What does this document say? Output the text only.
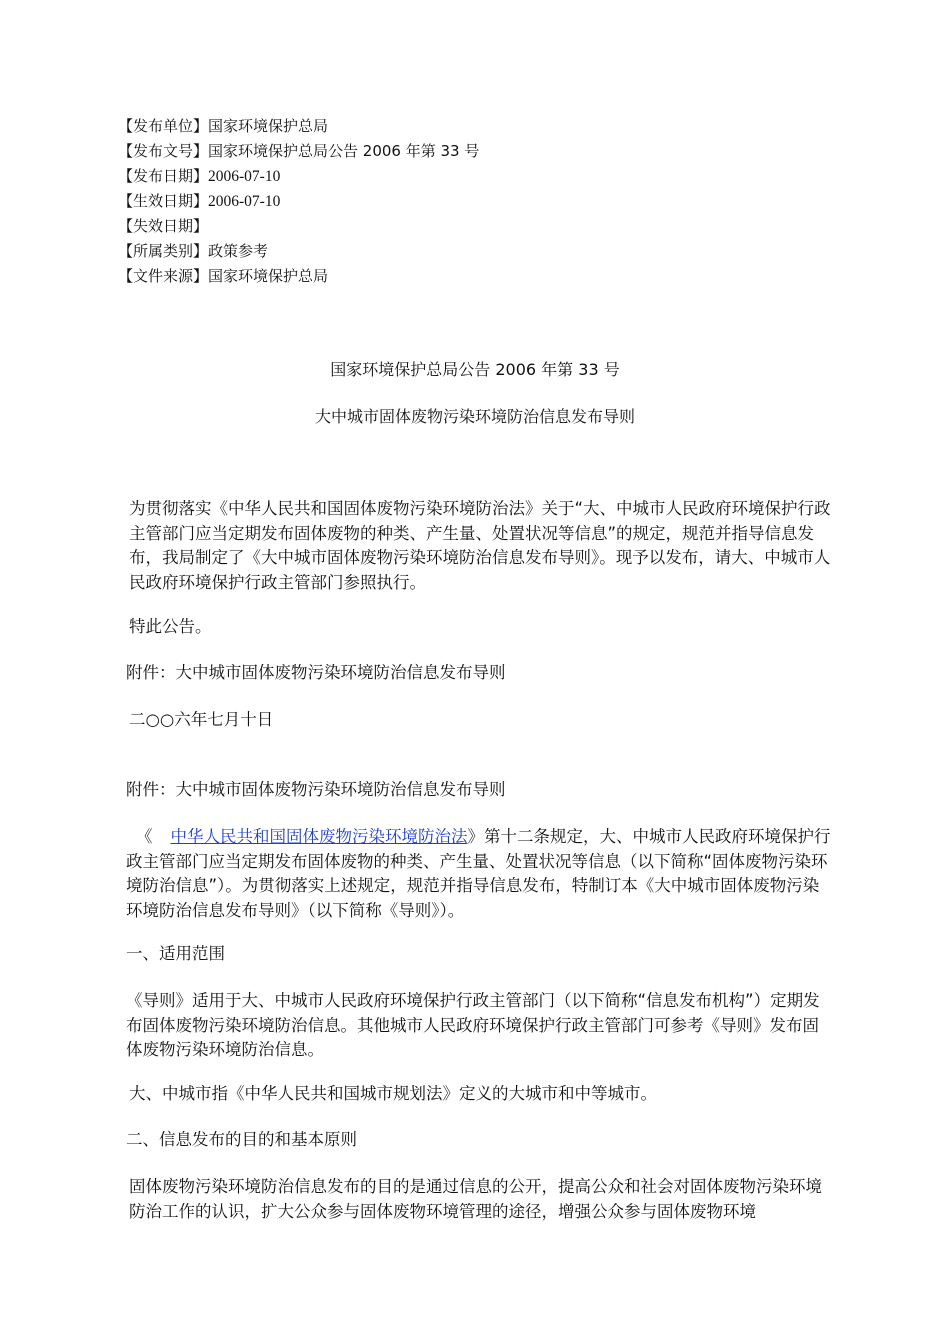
【发布单位】国家环境保护总局
【发布文号】国家环境保护总局公告 2006 年第 33 号
【发布日期】2006-07-10
【生效日期】2006-07-10
【失效日期】
【所属类别】政策参考
【文件来源】国家环境保护总局
国家环境保护总局公告 2006 年第 33 号
大中城市固体废物污染环境防治信息发布导则
为贯彻落实《中华人民共和国固体废物污染环境防治法》关于“大、中城市人民政府环境保护行政主管部门应当定期发布固体废物的种类、产生量、处置状况等信息”的规定，规范并指导信息发布，我局制定了《大中城市固体废物污染环境防治信息发布导则》。现予以发布，请大、中城市人民政府环境保护行政主管部门参照执行。
特此公告。
附件：大中城市固体废物污染环境防治信息发布导则
二○○六年七月十日
附件：大中城市固体废物污染环境防治信息发布导则
《 中华人民共和国固体废物污染环境防治法》第十二条规定，大、中城市人民政府环境保护行政主管部门应当定期发布固体废物的种类、产生量、处置状况等信息（以下简称“固体废物污染环境防治信息”）。为贯彻落实上述规定，规范并指导信息发布，特制订本《大中城市固体废物污染环境防治信息发布导则》（以下简称《导则》）。
一、适用范围
《导则》适用于大、中城市人民政府环境保护行政主管部门（以下简称“信息发布机构”）定期发布固体废物污染环境防治信息。其他城市人民政府环境保护行政主管部门可参考《导则》发布固体废物污染环境防治信息。
大、中城市指《中华人民共和国城市规划法》定义的大城市和中等城市。
二、信息发布的目的和基本原则
固体废物污染环境防治信息发布的目的是通过信息的公开，提高公众和社会对固体废物污染环境防治工作的认识，扩大公众参与固体废物环境管理的途径，增强公众参与固体废物环境
